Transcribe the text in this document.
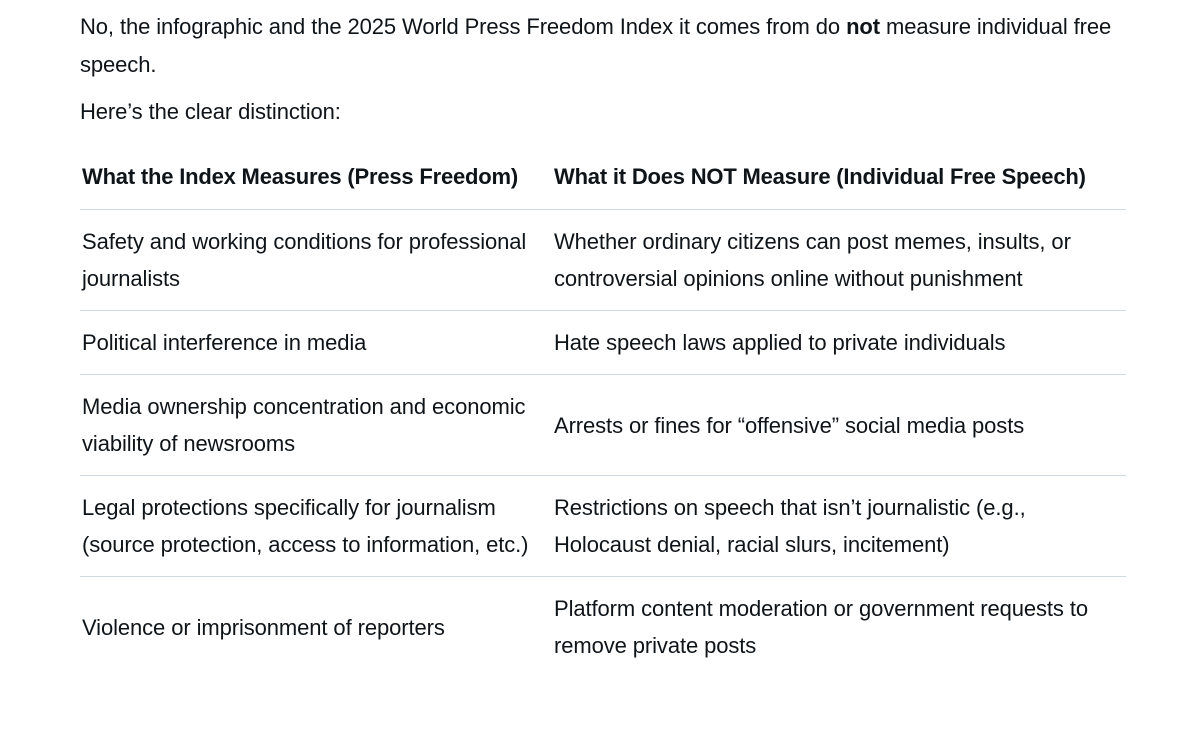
No, the infographic and the 2025 World Press Freedom Index it comes from do not measure individual free speech.

Here’s the clear distinction:

What the Index Measures (Press Freedom)	What it Does NOT Measure (Individual Free Speech)
Safety and working conditions for professional journalists	Whether ordinary citizens can post memes, insults, or controversial opinions online without punishment
Political interference in media	Hate speech laws applied to private individuals
Media ownership concentration and economic viability of newsrooms	Arrests or fines for “offensive” social media posts
Legal protections specifically for journalism (source protection, access to information, etc.)	Restrictions on speech that isn’t journalistic (e.g., Holocaust denial, racial slurs, incitement)
Violence or imprisonment of reporters	Platform content moderation or government requests to remove private posts
